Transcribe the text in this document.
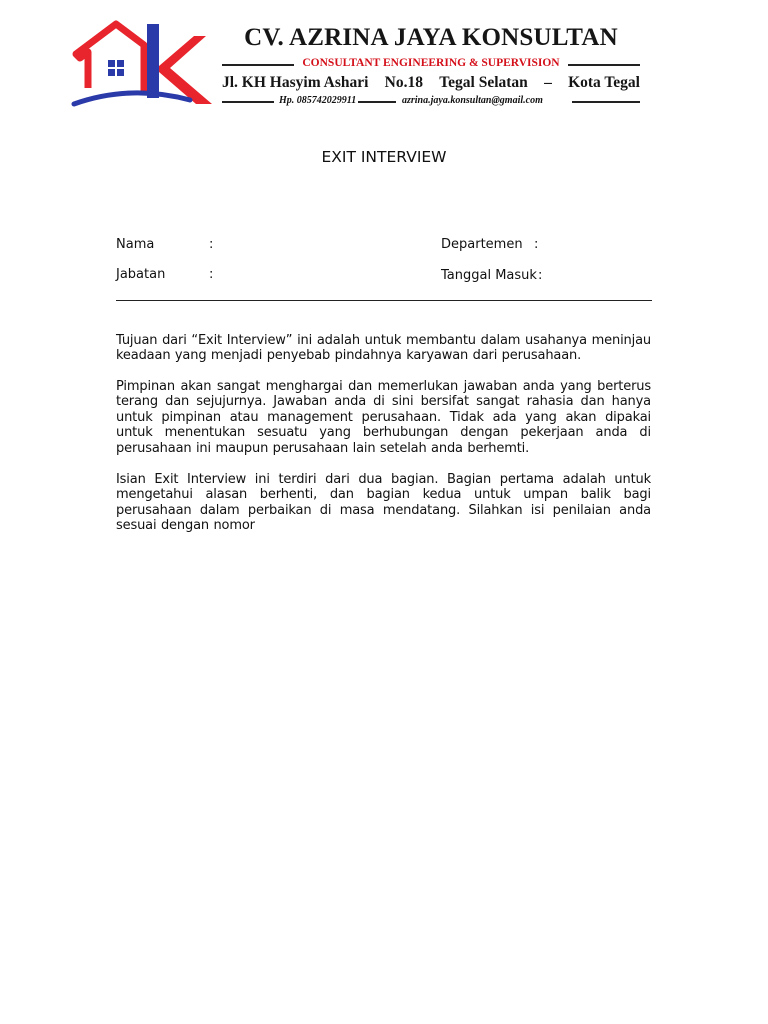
CV. AZRINA JAYA KONSULTAN
CONSULTANT ENGINEERING & SUPERVISION
Jl. KH Hasyim Ashari No.18 Tegal Selatan – Kota Tegal
Hp. 085742029911	azrina.jaya.konsultan@gmail.com
EXIT INTERVIEW
Nama	:
Jabatan	:
Departemen :
Tanggal Masuk :

Tujuan dari “Exit Interview” ini adalah untuk membantu dalam usahanya meninjau keadaan yang menjadi penyebab pindahnya karyawan dari perusahaan.

Pimpinan akan sangat menghargai dan memerlukan jawaban anda yang berterus terang dan sejujurnya. Jawaban anda di sini bersifat sangat rahasia dan hanya untuk pimpinan atau management perusahaan. Tidak ada yang akan dipakai untuk menentukan sesuatu yang berhubungan dengan pekerjaan anda di perusahaan ini maupun perusahaan lain setelah anda berhemti.

Isian Exit Interview ini terdiri dari dua bagian. Bagian pertama adalah untuk mengetahui alasan berhenti, dan bagian kedua untuk umpan balik bagi perusahaan dalam perbaikan di masa mendatang. Silahkan isi penilaian anda sesuai dengan nomor
